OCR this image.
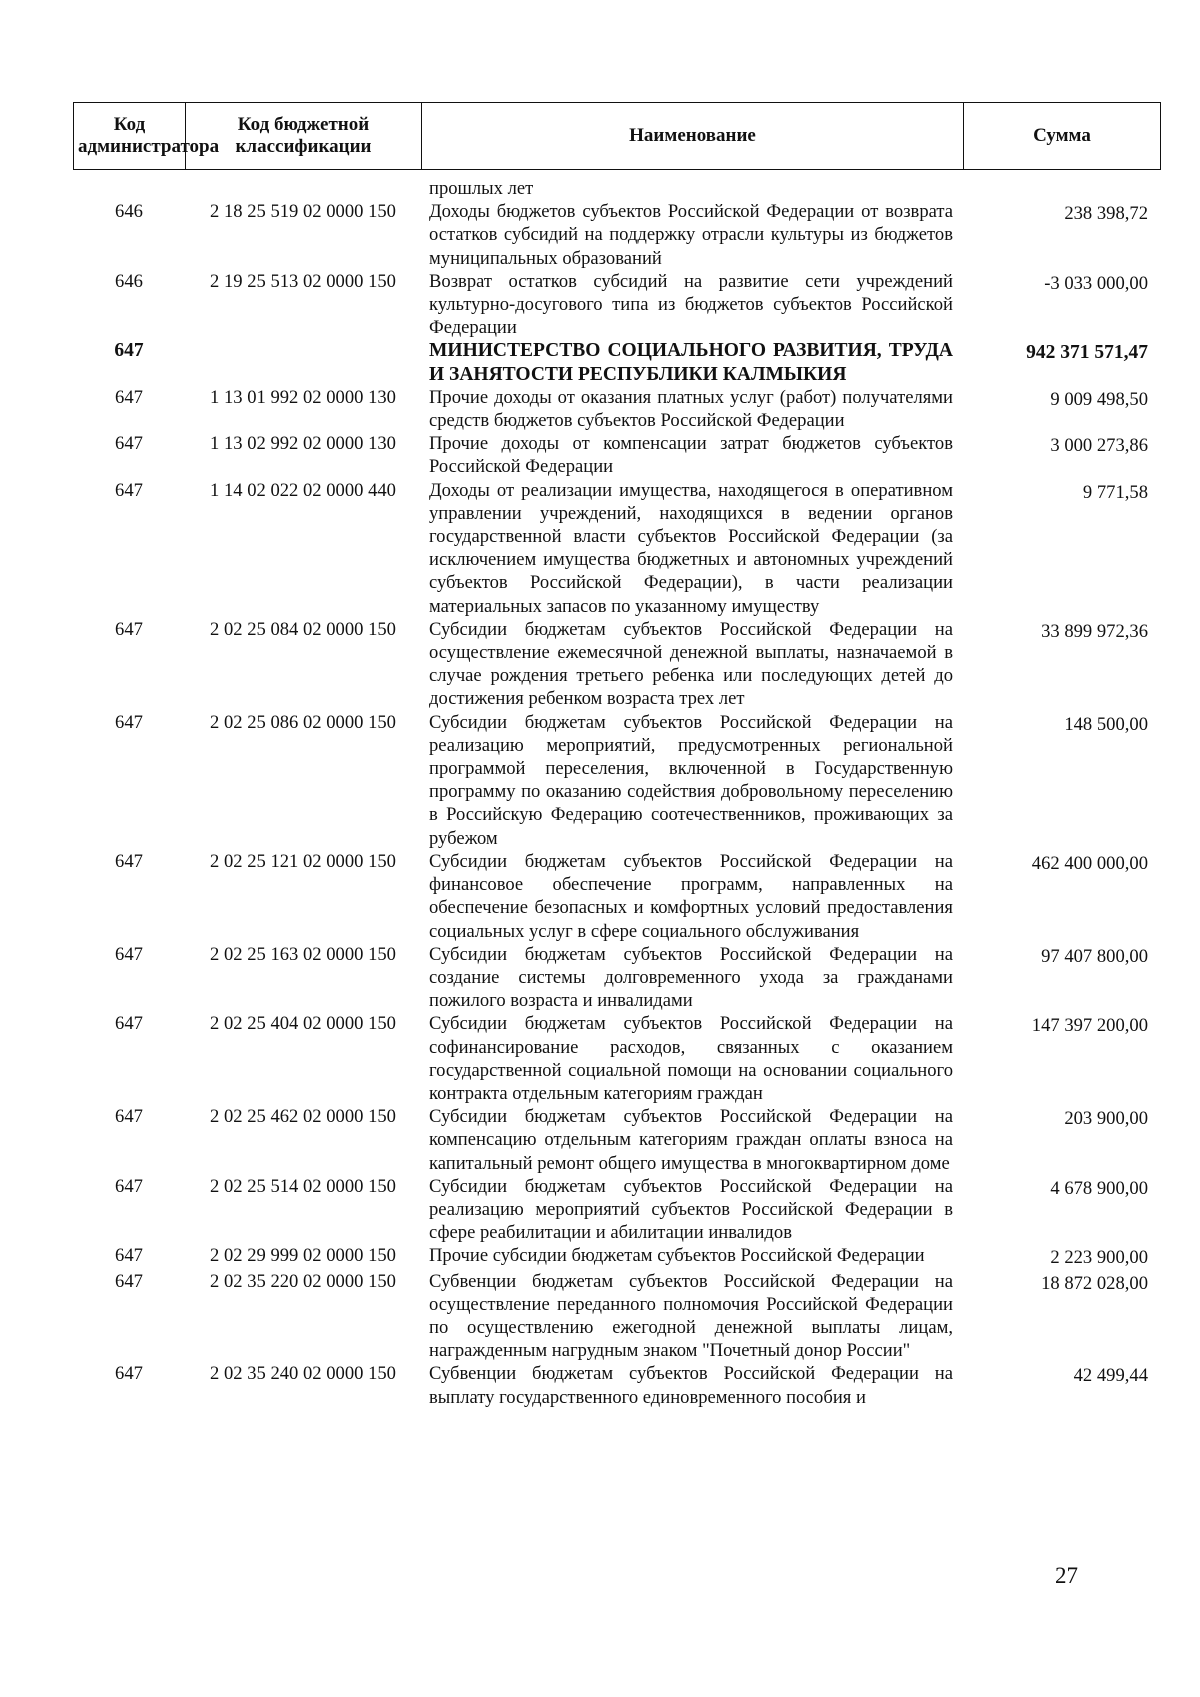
Код администратора	Код бюджетной классификации	Наименование	Сумма
		прошлых лет	
646	2 18 25 519 02 0000 150	Доходы бюджетов субъектов Российской Федерации от возврата остатков субсидий на поддержку отрасли культуры из бюджетов муниципальных образований	238 398,72
646	2 19 25 513 02 0000 150	Возврат остатков субсидий на развитие сети учреждений культурно-досугового типа из бюджетов субъектов Российской Федерации	-3 033 000,00
647		МИНИСТЕРСТВО СОЦИАЛЬНОГО РАЗВИТИЯ, ТРУДА И ЗАНЯТОСТИ РЕСПУБЛИКИ КАЛМЫКИЯ	942 371 571,47
647	1 13 01 992 02 0000 130	Прочие доходы от оказания платных услуг (работ) получателями средств бюджетов субъектов Российской Федерации	9 009 498,50
647	1 13 02 992 02 0000 130	Прочие доходы от компенсации затрат бюджетов субъектов Российской Федерации	3 000 273,86
647	1 14 02 022 02 0000 440	Доходы от реализации имущества, находящегося в оперативном управлении учреждений, находящихся в ведении органов государственной власти субъектов Российской Федерации (за исключением имущества бюджетных и автономных учреждений субъектов Российской Федерации), в части реализации материальных запасов по указанному имуществу	9 771,58
647	2 02 25 084 02 0000 150	Субсидии бюджетам субъектов Российской Федерации на осуществление ежемесячной денежной выплаты, назначаемой в случае рождения третьего ребенка или последующих детей до достижения ребенком возраста трех лет	33 899 972,36
647	2 02 25 086 02 0000 150	Субсидии бюджетам субъектов Российской Федерации на реализацию мероприятий, предусмотренных региональной программой переселения, включенной в Государственную программу по оказанию содействия добровольному переселению в Российскую Федерацию соотечественников, проживающих за рубежом	148 500,00
647	2 02 25 121 02 0000 150	Субсидии бюджетам субъектов Российской Федерации на финансовое обеспечение программ, направленных на обеспечение безопасных и комфортных условий предоставления социальных услуг в сфере социального обслуживания	462 400 000,00
647	2 02 25 163 02 0000 150	Субсидии бюджетам субъектов Российской Федерации на создание системы долговременного ухода за гражданами пожилого возраста и инвалидами	97 407 800,00
647	2 02 25 404 02 0000 150	Субсидии бюджетам субъектов Российской Федерации на софинансирование расходов, связанных с оказанием государственной социальной помощи на основании социального контракта отдельным категориям граждан	147 397 200,00
647	2 02 25 462 02 0000 150	Субсидии бюджетам субъектов Российской Федерации на компенсацию отдельным категориям граждан оплаты взноса на капитальный ремонт общего имущества в многоквартирном доме	203 900,00
647	2 02 25 514 02 0000 150	Субсидии бюджетам субъектов Российской Федерации на реализацию мероприятий субъектов Российской Федерации в сфере реабилитации и абилитации инвалидов	4 678 900,00
647	2 02 29 999 02 0000 150	Прочие субсидии бюджетам субъектов Российской Федерации	2 223 900,00
647	2 02 35 220 02 0000 150	Субвенции бюджетам субъектов Российской Федерации на осуществление переданного полномочия Российской Федерации по осуществлению ежегодной денежной выплаты лицам, награжденным нагрудным знаком "Почетный донор России"	18 872 028,00
647	2 02 35 240 02 0000 150	Субвенции бюджетам субъектов Российской Федерации на выплату государственного единовременного пособия и	42 499,44
27
